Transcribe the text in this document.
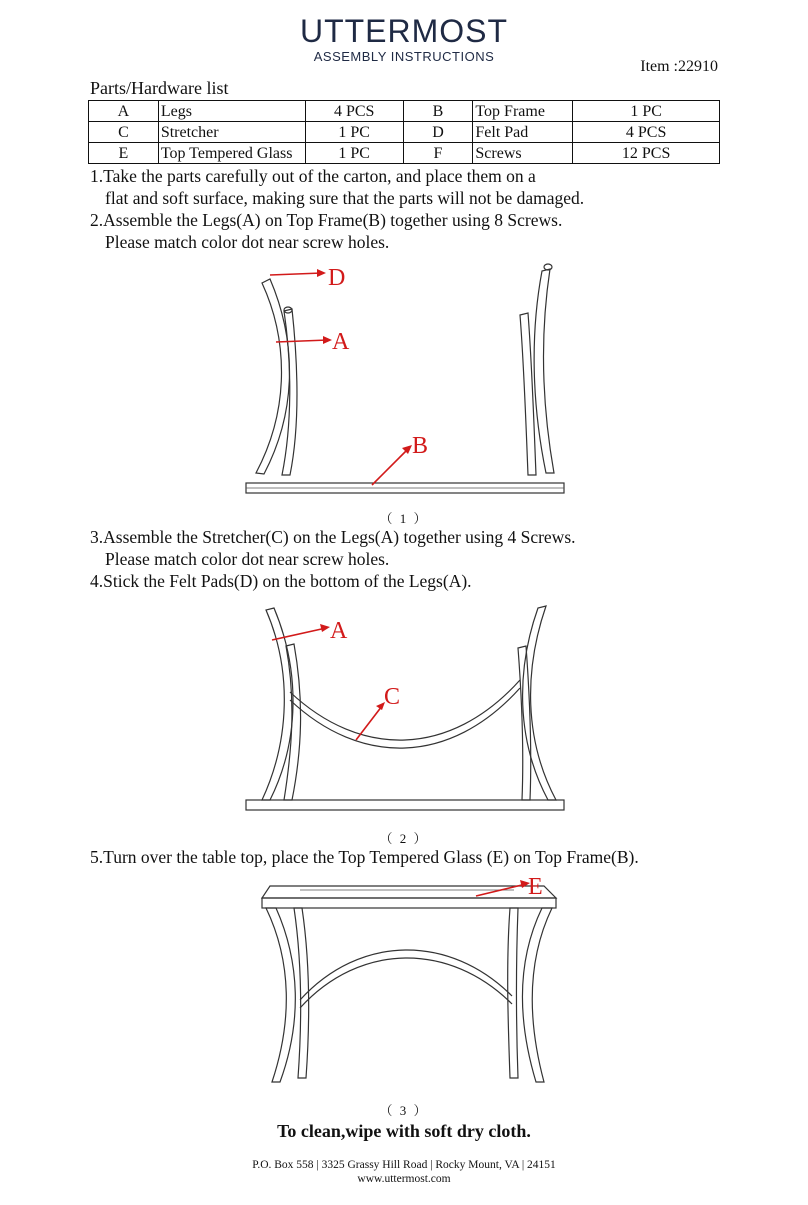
UTTERMOST
ASSEMBLY INSTRUCTIONS
Item :22910
Parts/Hardware list
A	Legs	4 PCS	B	Top Frame	1 PC
C	Stretcher	1 PC	D	Felt Pad	4 PCS
E	Top Tempered Glass	1 PC	F	Screws	12 PCS
1.Take the parts carefully out of the carton, and place them on a
flat and soft surface, making sure that the parts will not be damaged.
2.Assemble the Legs(A) on Top Frame(B) together using 8 Screws.
Please match color dot near screw holes.
D
A
B
（ 1 ）
3.Assemble the Stretcher(C) on the Legs(A) together using 4 Screws.
Please match color dot near screw holes.
4.Stick the Felt Pads(D) on the bottom of the Legs(A).
A
C
（ 2 ）
5.Turn over the table top, place the Top Tempered Glass (E) on Top Frame(B).
E
（ 3 ）
To clean,wipe with soft dry cloth.
P.O. Box 558 | 3325 Grassy Hill Road | Rocky Mount, VA | 24151
www.uttermost.com
